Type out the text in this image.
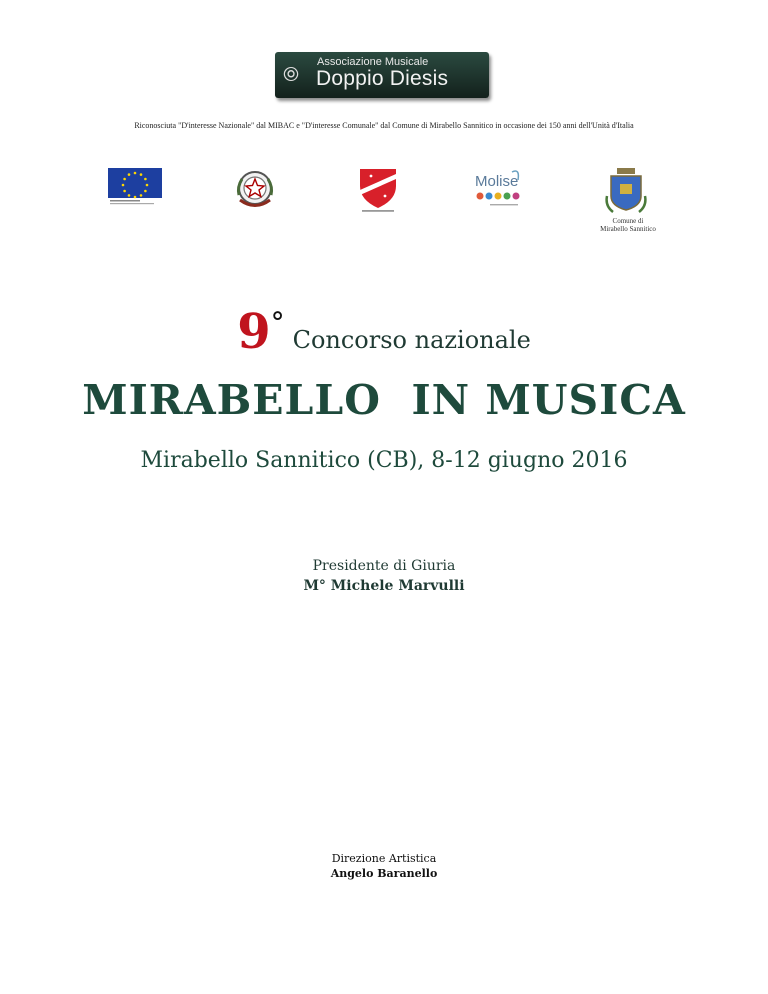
⦾ Associazione Musicale
Doppio Diesis
Riconosciuta "D'interesse Nazionale" dal MIBAC e "D'interesse Comunale" dal Comune di Mirabello Sannitico in occasione dei 150 anni dell'Unità d'Italia
Molise
Comune di
Mirabello Sannitico
9°Concorso nazionale
MIRABELLO  IN MUSICA
Mirabello Sannitico (CB), 8-12 giugno 2016
Presidente di Giuria
M° Michele Marvulli
Direzione Artistica
Angelo Baranello
